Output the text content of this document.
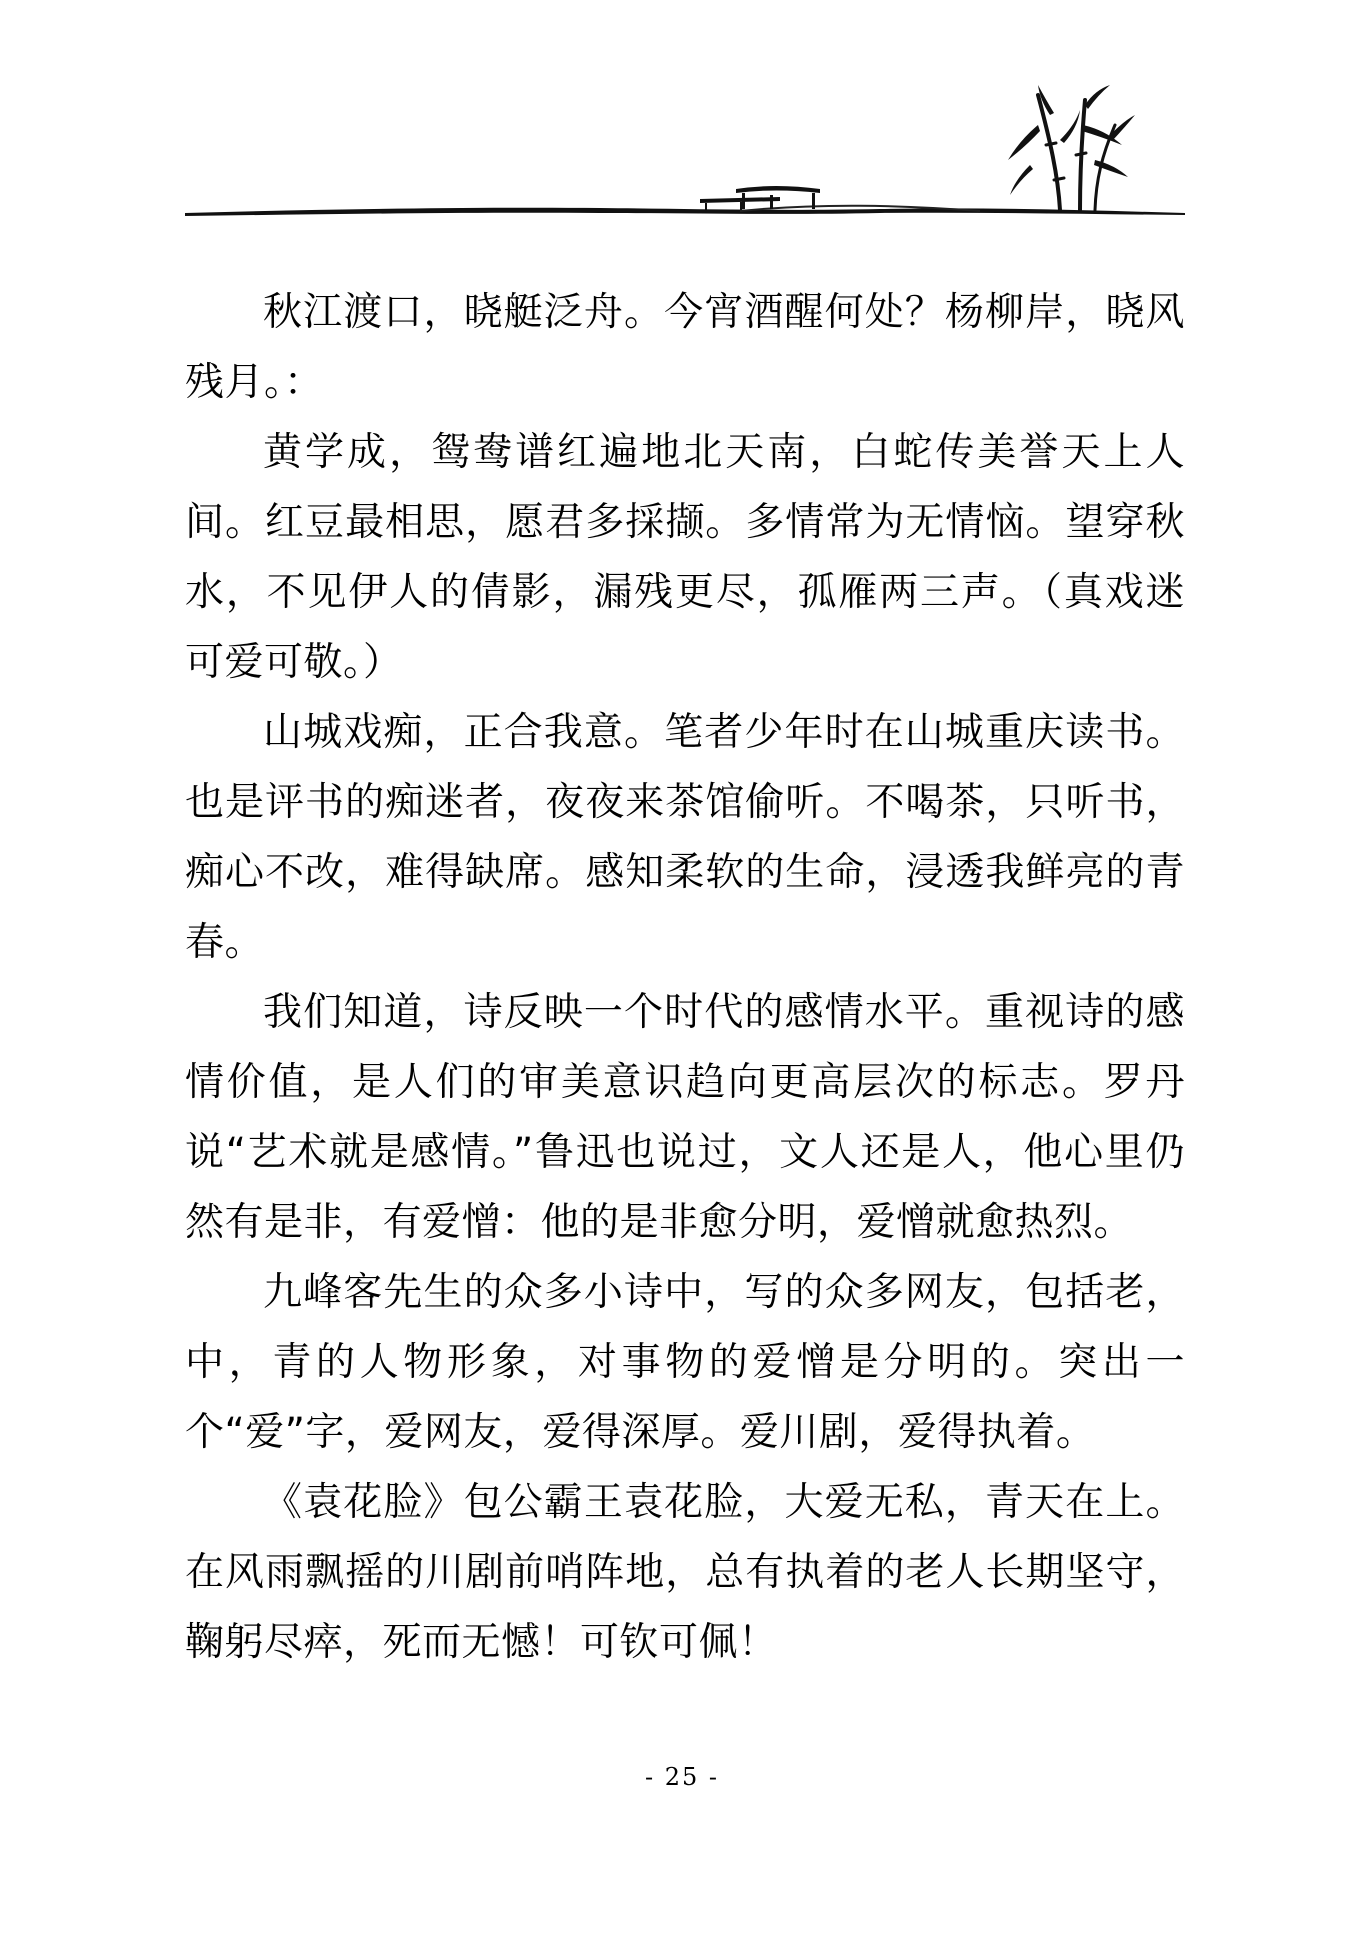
秋江渡口，晓艇泛舟。今宵酒醒何处？杨柳岸，晓风残月。：

黄学成，鸳鸯谱红遍地北天南，白蛇传美誉天上人间。红豆最相思，愿君多採撷。多情常为无情恼。望穿秋水，不见伊人的倩影，漏残更尽，孤雁两三声。（真戏迷可爱可敬。）

山城戏痴，正合我意。笔者少年时在山城重庆读书。也是评书的痴迷者，夜夜来茶馆偷听。不喝茶，只听书，痴心不改，难得缺席。感知柔软的生命，浸透我鲜亮的青春。

我们知道，诗反映一个时代的感情水平。重视诗的感情价值，是人们的审美意识趋向更高层次的标志。罗丹说“艺术就是感情。”鲁迅也说过，文人还是人，他心里仍然有是非，有爱憎：他的是非愈分明，爱憎就愈热烈。

九峰客先生的众多小诗中，写的众多网友，包括老，中，青的人物形象，对事物的爱憎是分明的。突出一个“爱”字，爱网友，爱得深厚。爱川剧，爱得执着。

《袁花脸》包公霸王袁花脸，大爱无私，青天在上。在风雨飘摇的川剧前哨阵地，总有执着的老人长期坚守，鞠躬尽瘁，死而无憾！可钦可佩！

- 25 -
